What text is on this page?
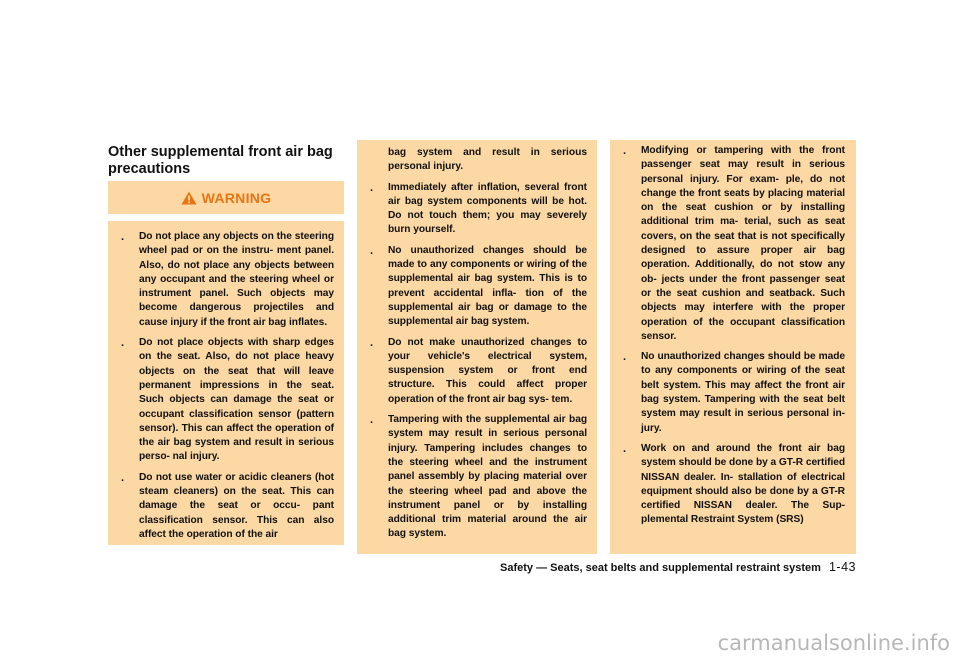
Other supplemental front air bag precautions
WARNING
. Do not place any objects on the steering wheel pad or on the instru- ment panel. Also, do not place any objects between any occupant and the steering wheel or instrument panel. Such objects may become dangerous projectiles and cause injury if the front air bag inflates.
. Do not place objects with sharp edges on the seat. Also, do not place heavy objects on the seat that will leave permanent impressions in the seat. Such objects can damage the seat or occupant classification sensor (pattern sensor). This can affect the operation of the air bag system and result in serious perso- nal injury.
. Do not use water or acidic cleaners (hot steam cleaners) on the seat. This can damage the seat or occu- pant classification sensor. This can also affect the operation of the air
bag system and result in serious personal injury.
. Immediately after inflation, several front air bag system components will be hot. Do not touch them; you may severely burn yourself.
. No unauthorized changes should be made to any components or wiring of the supplemental air bag system. This is to prevent accidental infla- tion of the supplemental air bag or damage to the supplemental air bag system.
. Do not make unauthorized changes to your vehicle's electrical system, suspension system or front end structure. This could affect proper operation of the front air bag sys- tem.
. Tampering with the supplemental air bag system may result in serious personal injury. Tampering includes changes to the steering wheel and the instrument panel assembly by placing material over the steering wheel pad and above the instrument panel or by installing additional trim material around the air bag system.
. Modifying or tampering with the front passenger seat may result in serious personal injury. For exam- ple, do not change the front seats by placing material on the seat cushion or by installing additional trim ma- terial, such as seat covers, on the seat that is not specifically designed to assure proper air bag operation. Additionally, do not stow any ob- jects under the front passenger seat or the seat cushion and seatback. Such objects may interfere with the proper operation of the occupant classification sensor.
. No unauthorized changes should be made to any components or wiring of the seat belt system. This may affect the front air bag system. Tampering with the seat belt system may result in serious personal in- jury.
. Work on and around the front air bag system should be done by a GT-R certified NISSAN dealer. In- stallation of electrical equipment should also be done by a GT-R certified NISSAN dealer. The Sup- plemental Restraint System (SRS)
Safety — Seats, seat belts and supplemental restraint system 1-43
carmanualsonline.info
